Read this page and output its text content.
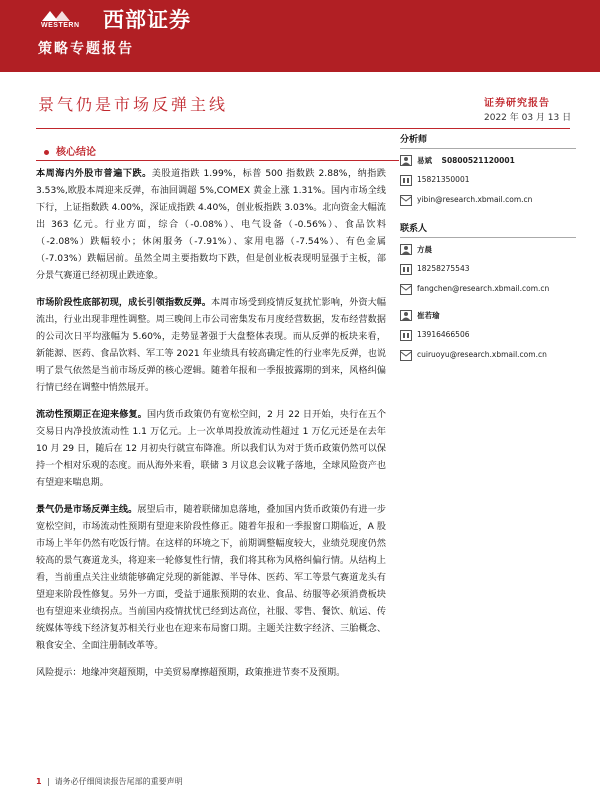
WESTERN 西部证券
策略专题报告
景气仍是市场反弹主线	证券研究报告
2022 年 03 月 13 日
核心结论

本周海内外股市普遍下跌。美股道指跌 1.99%，标普 500 指数跌 2.88%，纳指跌 3.53%,欧股本周迎来反弹，布油回调超 5%,COMEX 黄金上涨 1.31%。国内市场全线下行，上证指数跌 4.00%，深证成指跌 4.40%，创业板指跌 3.03%。北向资金大幅流出 363 亿元。行业方面，综合（-0.08%）、电气设备（-0.56%）、食品饮料（-2.08%）跌幅较小；休闲服务（-7.91%）、家用电器（-7.54%）、有色金属（-7.03%）跌幅居前。虽然全周主要指数均下跌，但是创业板表现明显强于主板，部分景气赛道已经初现止跌迹象。

市场阶段性底部初现，成长引领指数反弹。本周市场受到疫情反复扰忙影响，外资大幅流出，行业出现非理性调整。周三晚间上市公司密集发布月度经营数据，发布经营数据的公司次日平均涨幅为 5.60%，走势显著强于大盘整体表现。而从反弹的板块来看，新能源、医药、食品饮料、军工等 2021 年业绩具有较高确定性的行业率先反弹，也说明了景气依然是当前市场反弹的核心逻辑。随着年报和一季报披露期的到来，风格纠偏行情已经在调整中悄然展开。

流动性预期正在迎来修复。国内货币政策仍有宽松空间，2 月 22 日开始，央行在五个交易日内净投放流动性 1.1 万亿元。上一次单周投放流动性超过 1 万亿元还是在去年 10 月 29 日，随后在 12 月初央行就宣布降准。所以我们认为对于货币政策仍然可以保持一个相对乐观的态度。而从海外来看，联储 3 月议息会议靴子落地，全球风险资产也有望迎来喘息期。

景气仍是市场反弹主线。展望后市，随着联储加息落地，叠加国内货币政策仍有进一步宽松空间，市场流动性预期有望迎来阶段性修正。随着年报和一季报窗口期临近，A 股市场上半年仍然有吃饭行情。在这样的环境之下，前期调整幅度较大，业绩兑现度仍然较高的景气赛道龙头，将迎来一轮修复性行情，我们将其称为风格纠偏行情。从结构上看，当前重点关注业绩能够确定兑现的新能源、半导体、医药、军工等景气赛道龙头有望迎来阶段性修复。另外一方面，受益于通胀预期的农业、食品、纺服等必须消费板块也有望迎来业绩拐点。当前国内疫情扰忧已经到达高位，社服、零售、餐饮、航运、传统媒体等线下经济复苏相关行业也在迎来布局窗口期。主题关注数字经济、三胎概念、粮食安全、全面注册制改革等。

风险提示：地缘冲突超预期，中美贸易摩擦超预期，政策推进节奏不及预期。

分析师
易斌 S0800521120001
15821350001
yibin@research.xbmail.com.cn
联系人
方晨
18258275543
fangchen@research.xbmail.com.cn
崔若瑜
13916466506
cuiruoyu@research.xbmail.com.cn
1 请务必仔细阅读报告尾部的重要声明
